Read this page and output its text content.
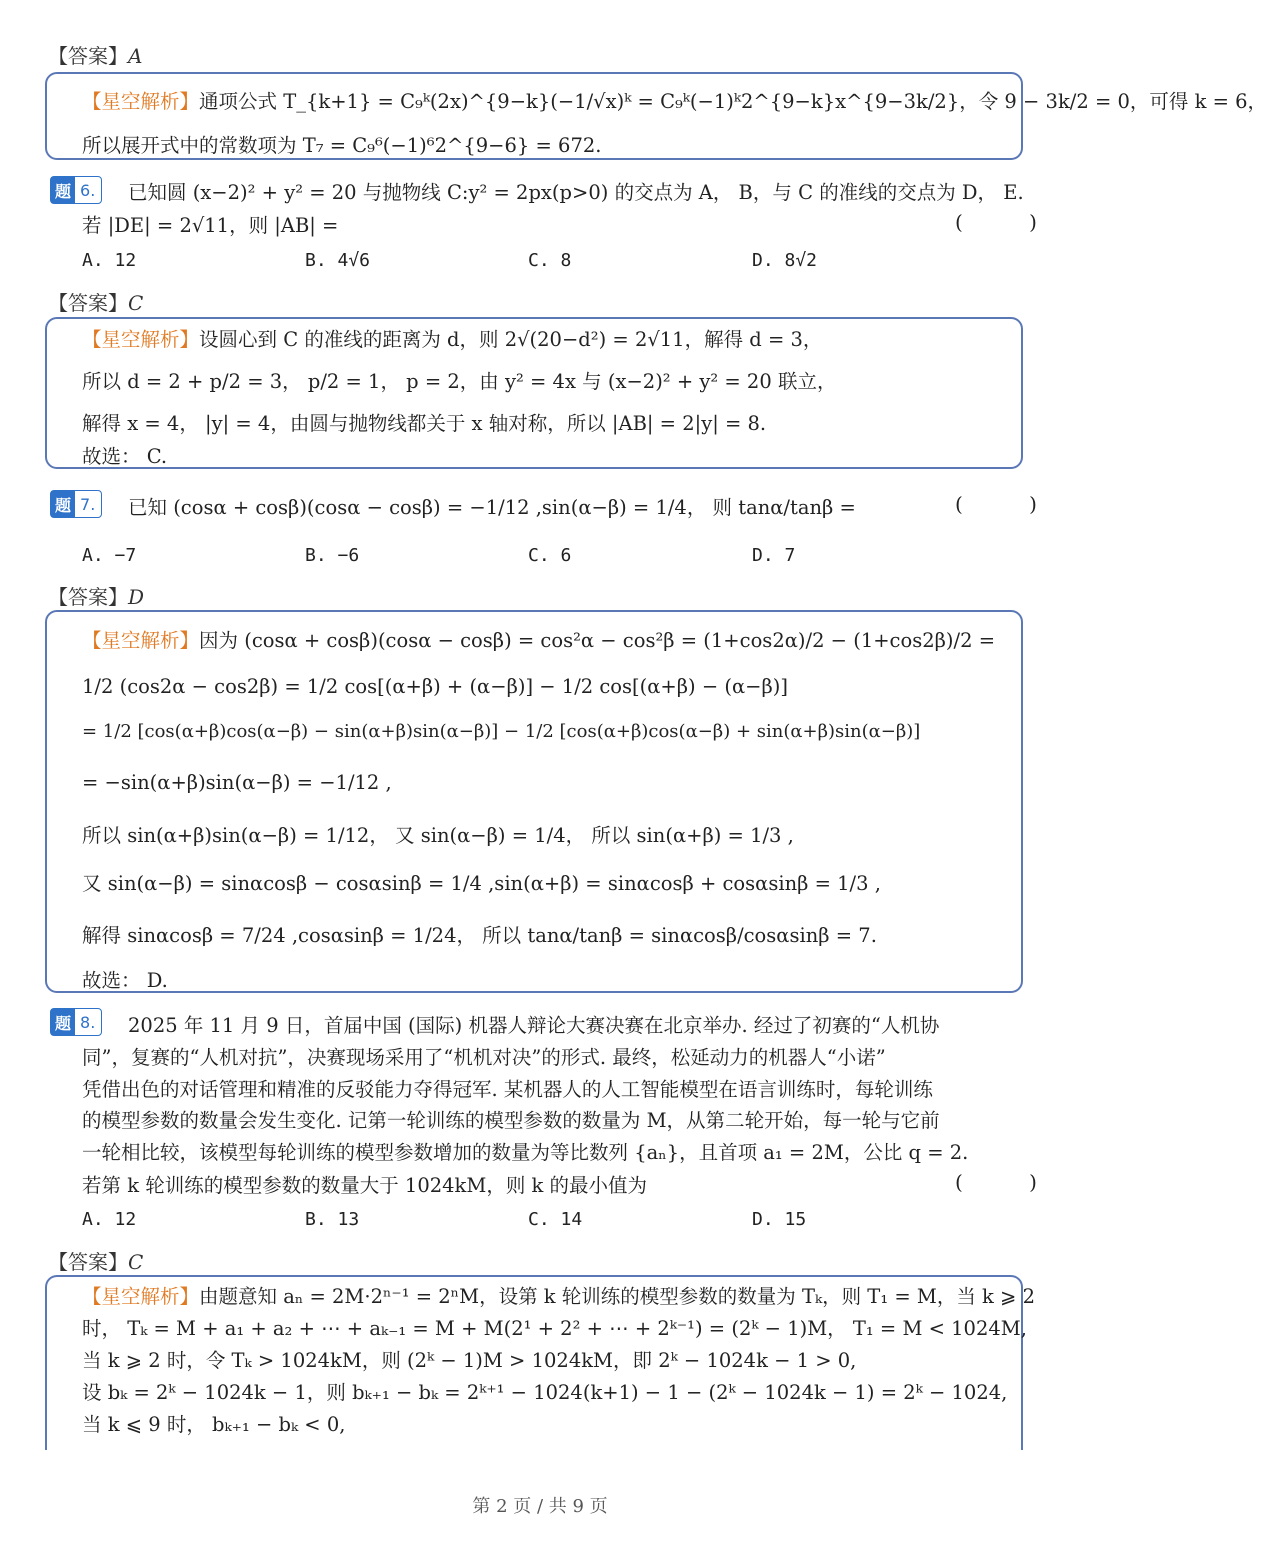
【答案】A
【星空解析】通项公式 T_{k+1} = C₉ᵏ(2x)^{9−k}(−1/√x)ᵏ = C₉ᵏ(−1)ᵏ2^{9−k}x^{9−3k/2}，令 9 − 3k/2 = 0，可得 k = 6，
所以展开式中的常数项为 T₇ = C₉⁶(−1)⁶2^{9−6} = 672.
题 6.	已知圆 (x−2)² + y² = 20 与抛物线 C:y² = 2px(p>0) 的交点为 A， B，与 C 的准线的交点为 D， E.
若 |DE| = 2√11，则 |AB| =	( )
A. 12	B. 4√6	C. 8	D. 8√2
【答案】C
【星空解析】设圆心到 C 的准线的距离为 d，则 2√(20−d²) = 2√11，解得 d = 3，
所以 d = 2 + p/2 = 3， p/2 = 1， p = 2，由 y² = 4x 与 (x−2)² + y² = 20 联立，
解得 x = 4， |y| = 4，由圆与抛物线都关于 x 轴对称，所以 |AB| = 2|y| = 8.
故选： C.
题 7.	已知 (cosα + cosβ)(cosα − cosβ) = −1/12 ,sin(α−β) = 1/4， 则 tanα/tanβ =	( )
A. −7	B. −6	C. 6	D. 7
【答案】D
【星空解析】因为 (cosα + cosβ)(cosα − cosβ) = cos²α − cos²β = (1+cos2α)/2 − (1+cos2β)/2 =
1/2 (cos2α − cos2β) = 1/2 cos[(α+β) + (α−β)] − 1/2 cos[(α+β) − (α−β)]
= 1/2 [cos(α+β)cos(α−β) − sin(α+β)sin(α−β)] − 1/2 [cos(α+β)cos(α−β) + sin(α+β)sin(α−β)]
= −sin(α+β)sin(α−β) = −1/12 ,
所以 sin(α+β)sin(α−β) = 1/12， 又 sin(α−β) = 1/4， 所以 sin(α+β) = 1/3 ,
又 sin(α−β) = sinαcosβ − cosαsinβ = 1/4 ,sin(α+β) = sinαcosβ + cosαsinβ = 1/3 ,
解得 sinαcosβ = 7/24 ,cosαsinβ = 1/24， 所以 tanα/tanβ = sinαcosβ/cosαsinβ = 7.
故选： D.
题 8.	2025 年 11 月 9 日，首届中国 (国际) 机器人辩论大赛决赛在北京举办. 经过了初赛的“人机协
同”，复赛的“人机对抗”，决赛现场采用了“机机对决”的形式. 最终，松延动力的机器人“小诺”
凭借出色的对话管理和精准的反驳能力夺得冠军. 某机器人的人工智能模型在语言训练时，每轮训练
的模型参数的数量会发生变化. 记第一轮训练的模型参数的数量为 M，从第二轮开始，每一轮与它前
一轮相比较，该模型每轮训练的模型参数增加的数量为等比数列 {aₙ}，且首项 a₁ = 2M，公比 q = 2.
若第 k 轮训练的模型参数的数量大于 1024kM，则 k 的最小值为	( )
A. 12	B. 13	C. 14	D. 15
【答案】C
【星空解析】由题意知 aₙ = 2M·2ⁿ⁻¹ = 2ⁿM，设第 k 轮训练的模型参数的数量为 Tₖ，则 T₁ = M，当 k ⩾ 2
时， Tₖ = M + a₁ + a₂ + ⋯ + aₖ₋₁ = M + M(2¹ + 2² + ⋯ + 2ᵏ⁻¹) = (2ᵏ − 1)M， T₁ = M < 1024M,
当 k ⩾ 2 时，令 Tₖ > 1024kM，则 (2ᵏ − 1)M > 1024kM，即 2ᵏ − 1024k − 1 > 0,
设 bₖ = 2ᵏ − 1024k − 1，则 bₖ₊₁ − bₖ = 2ᵏ⁺¹ − 1024(k+1) − 1 − (2ᵏ − 1024k − 1) = 2ᵏ − 1024,
当 k ⩽ 9 时， bₖ₊₁ − bₖ < 0,
第 2 页 / 共 9 页
